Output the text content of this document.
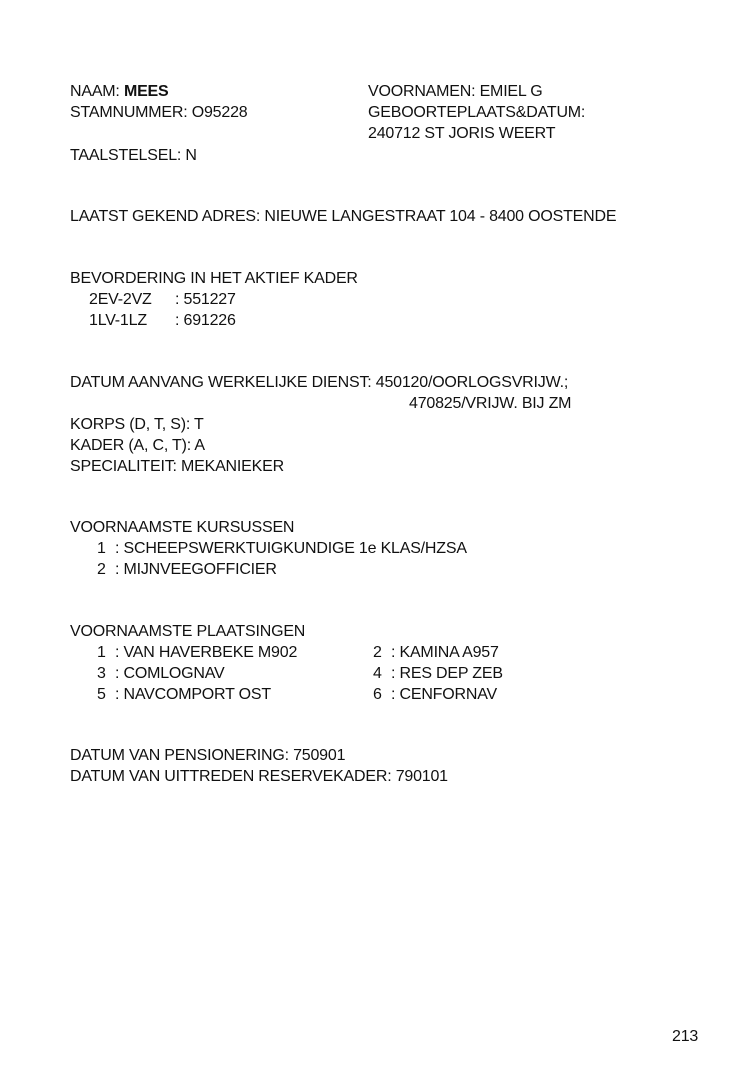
NAAM: MEES	VOORNAMEN: EMIEL G
STAMNUMMER: O95228	GEBOORTEPLAATS&DATUM:
240712 ST JORIS WEERT
TAALSTELSEL: N
LAATST GEKEND ADRES: NIEUWE LANGESTRAAT 104 - 8400 OOSTENDE
BEVORDERING IN HET AKTIEF KADER
2EV-2VZ	: 551227
1LV-1LZ	: 691226
DATUM AANVANG WERKELIJKE DIENST: 450120/OORLOGSVRIJW.;
470825/VRIJW. BIJ ZM
KORPS (D, T, S): T
KADER (A, C, T): A
SPECIALITEIT: MEKANIEKER
VOORNAAMSTE KURSUSSEN
1 : SCHEEPSWERKTUIGKUNDIGE 1e KLAS/HZSA
2 : MIJNVEEGOFFICIER
VOORNAAMSTE PLAATSINGEN
1 : VAN HAVERBEKE M902	2 : KAMINA A957
3 : COMLOGNAV	4 : RES DEP ZEB
5 : NAVCOMPORT OST	6 : CENFORNAV
DATUM VAN PENSIONERING: 750901
DATUM VAN UITTREDEN RESERVEKADER: 790101
213
